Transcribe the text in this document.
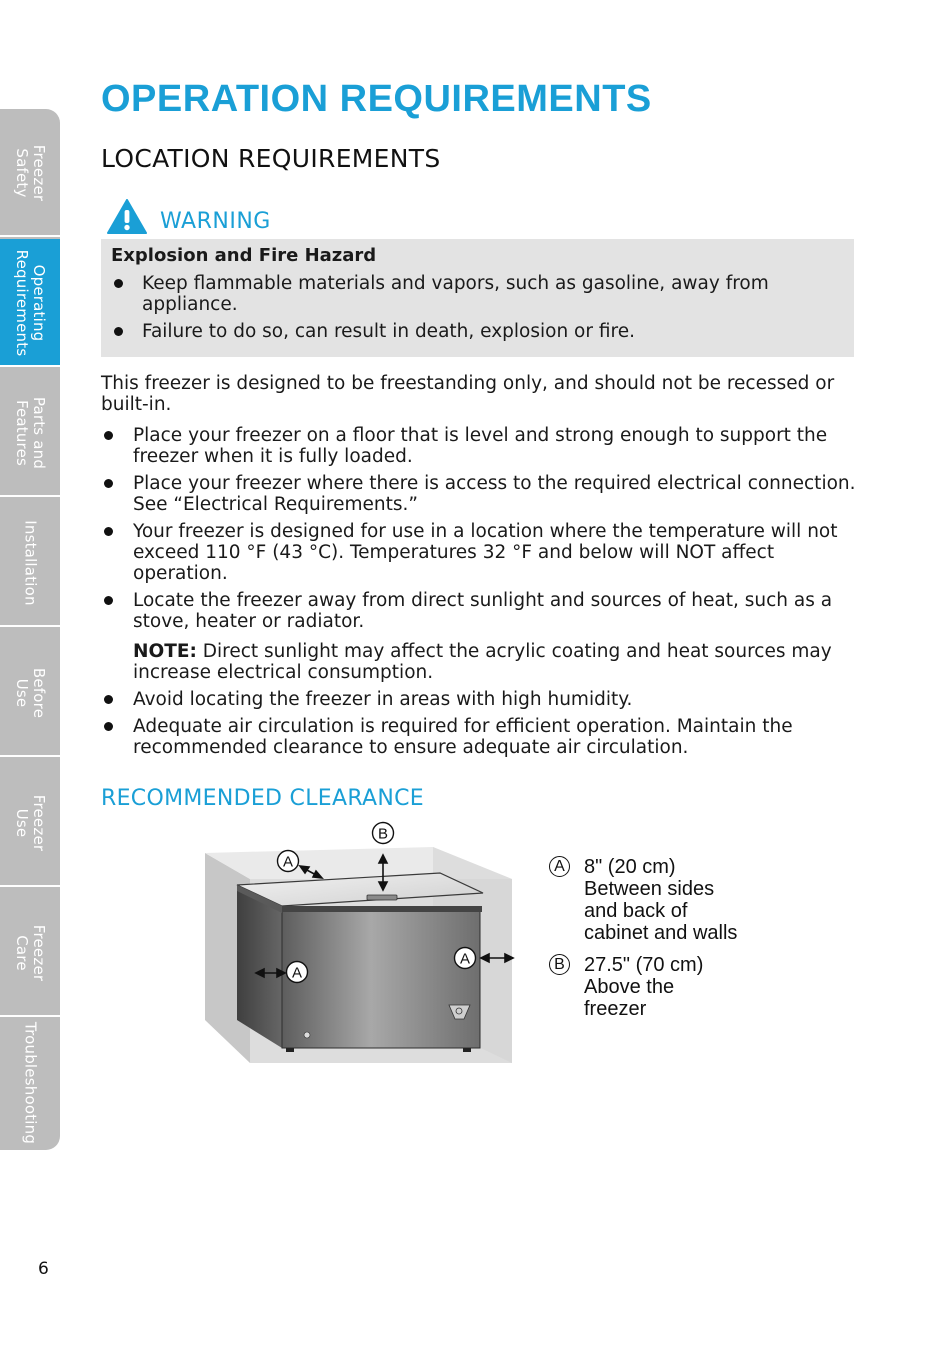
Freezer
Safety
Operating
Requirements
Parts and
Features
Installation
Before
Use
Freezer
Use
Freezer
Care
Troubleshooting
OPERATION REQUIREMENTS
LOCATION REQUIREMENTS
WARNING
Explosion and Fire Hazard
Keep flammable materials and vapors, such as gasoline, away from appliance.
Failure to do so, can result in death, explosion or fire.

This freezer is designed to be freestanding only, and should not be recessed or built-in.

Place your freezer on a floor that is level and strong enough to support the freezer when it is fully loaded.
Place your freezer where there is access to the required electrical connection. See “Electrical Requirements.”
Your freezer is designed for use in a location where the temperature will not exceed 110 °F (43 °C). Temperatures 32 °F and below will NOT affect operation.
Locate the freezer away from direct sunlight and sources of heat, such as a stove, heater or radiator.
NOTE: Direct sunlight may affect the acrylic coating and heat sources may increase electrical consumption.
Avoid locating the freezer in areas with high humidity.
Adequate air circulation is required for efficient operation. Maintain the recommended clearance to ensure adequate air circulation.
RECOMMENDED CLEARANCE
B
A
A
A
A 8" (20 cm)
Between sides
and back of
cabinet and walls
B 27.5" (70 cm)
Above the
freezer
6
